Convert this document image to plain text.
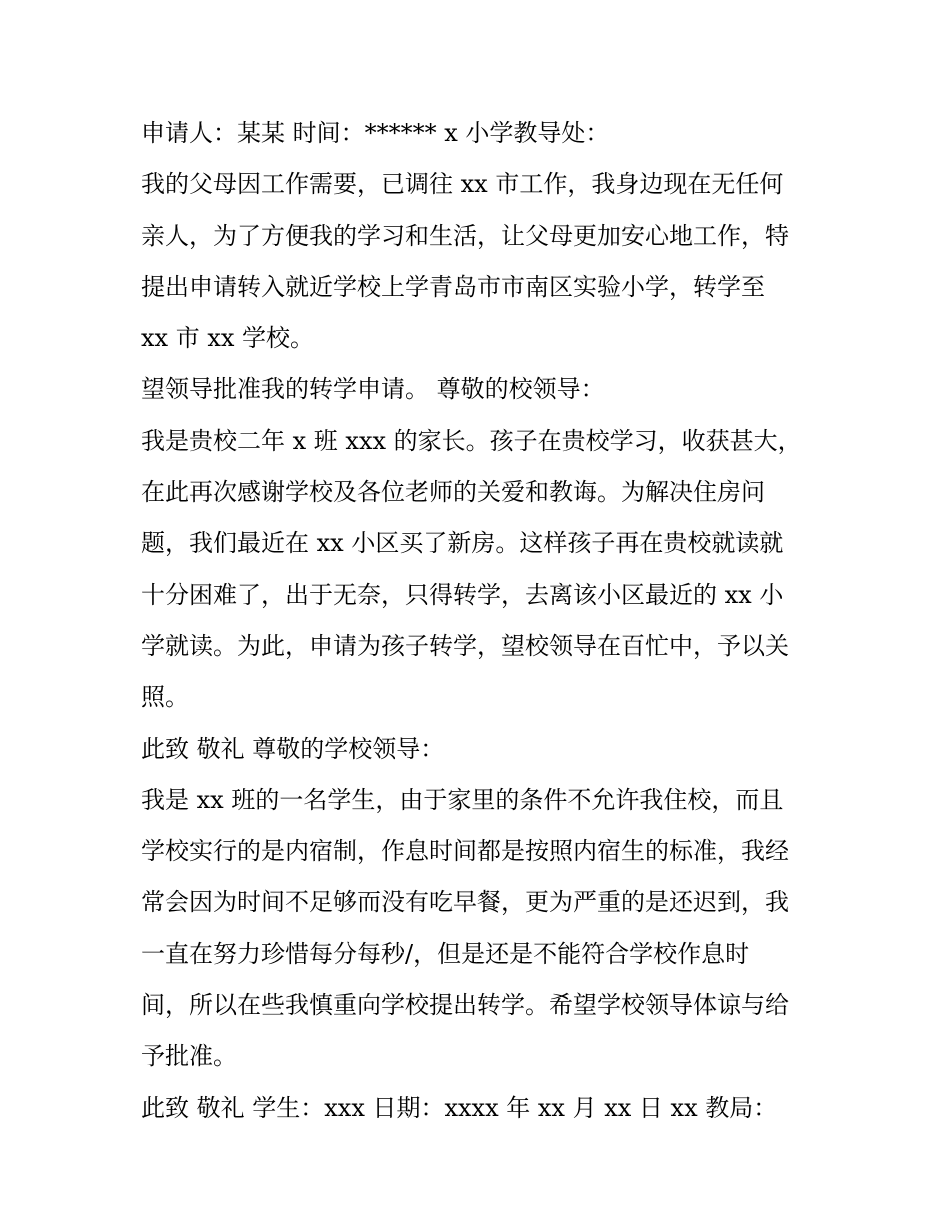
申请人：某某 时间：****** x 小学教导处：
我的父母因工作需要，已调往 xx 市工作，我身边现在无任何
亲人，为了方便我的学习和生活，让父母更加安心地工作，特
提出申请转入就近学校上学青岛市市南区实验小学，转学至
xx 市 xx 学校。
望领导批准我的转学申请。 尊敬的校领导：
我是贵校二年 x 班 xxx 的家长。孩子在贵校学习，收获甚大，
在此再次感谢学校及各位老师的关爱和教诲。为解决住房问
题，我们最近在 xx 小区买了新房。这样孩子再在贵校就读就
十分困难了，出于无奈，只得转学，去离该小区最近的 xx 小
学就读。为此，申请为孩子转学，望校领导在百忙中，予以关
照。
此致 敬礼 尊敬的学校领导：
我是 xx 班的一名学生，由于家里的条件不允许我住校，而且
学校实行的是内宿制，作息时间都是按照内宿生的标准，我经
常会因为时间不足够而没有吃早餐，更为严重的是还迟到，我
一直在努力珍惜每分每秒/，但是还是不能符合学校作息时
间，所以在些我慎重向学校提出转学。希望学校领导体谅与给
予批准。
此致 敬礼 学生：xxx 日期：xxxx 年 xx 月 xx 日 xx 教局：
